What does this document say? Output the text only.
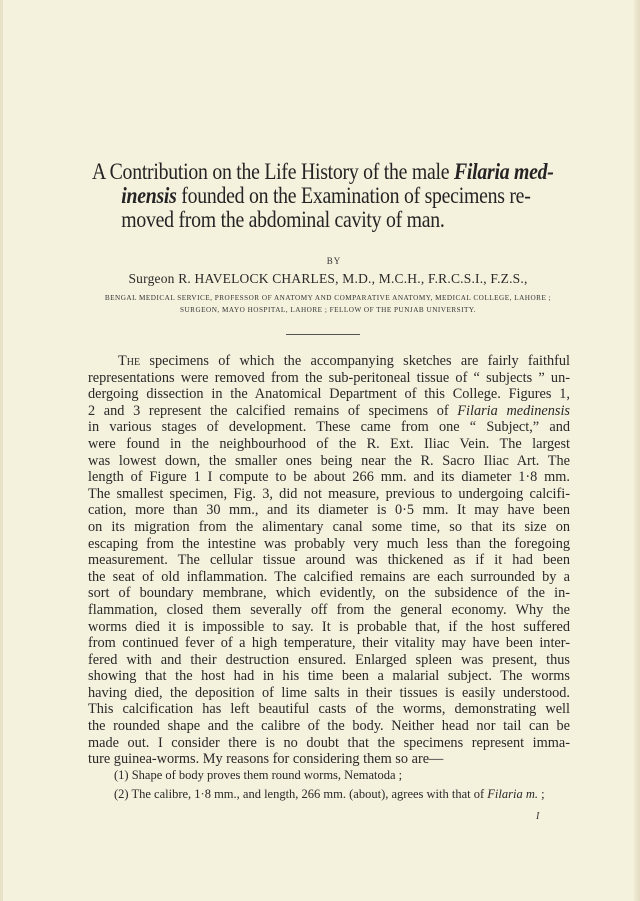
A Contribution on the Life History of the male Filaria med-
inensis founded on the Examination of specimens re-
moved from the abdominal cavity of man.
BY
Surgeon R. HAVELOCK CHARLES, M.D., M.C.H., F.R.C.S.I., F.Z.S.,
BENGAL MEDICAL SERVICE, PROFESSOR OF ANATOMY AND COMPARATIVE ANATOMY, MEDICAL COLLEGE, LAHORE ;
SURGEON, MAYO HOSPITAL, LAHORE ; FELLOW OF THE PUNJAB UNIVERSITY.
The specimens of which the accompanying sketches are fairly faithful
representations were removed from the sub-peritoneal tissue of “ subjects ” un-
dergoing dissection in the Anatomical Department of this College. Figures 1,
2 and 3 represent the calcified remains of specimens of Filaria medinensis
in various stages of development. These came from one “ Subject,” and
were found in the neighbourhood of the R. Ext. Iliac Vein. The largest
was lowest down, the smaller ones being near the R. Sacro Iliac Art. The
length of Figure 1 I compute to be about 266 mm. and its diameter 1·8 mm.
The smallest specimen, Fig. 3, did not measure, previous to undergoing calcifi-
cation, more than 30 mm., and its diameter is 0·5 mm. It may have been
on its migration from the alimentary canal some time, so that its size on
escaping from the intestine was probably very much less than the foregoing
measurement. The cellular tissue around was thickened as if it had been
the seat of old inflammation. The calcified remains are each surrounded by a
sort of boundary membrane, which evidently, on the subsidence of the in-
flammation, closed them severally off from the general economy. Why the
worms died it is impossible to say. It is probable that, if the host suffered
from continued fever of a high temperature, their vitality may have been inter-
fered with and their destruction ensured. Enlarged spleen was present, thus
showing that the host had in his time been a malarial subject. The worms
having died, the deposition of lime salts in their tissues is easily understood.
This calcification has left beautiful casts of the worms, demonstrating well
the rounded shape and the calibre of the body. Neither head nor tail can be
made out. I consider there is no doubt that the specimens represent imma-
ture guinea-worms. My reasons for considering them so are—
(1) Shape of body proves them round worms, Nematoda ;
(2) The calibre, 1·8 mm., and length, 266 mm. (about), agrees with that of Filaria m. ;
I
